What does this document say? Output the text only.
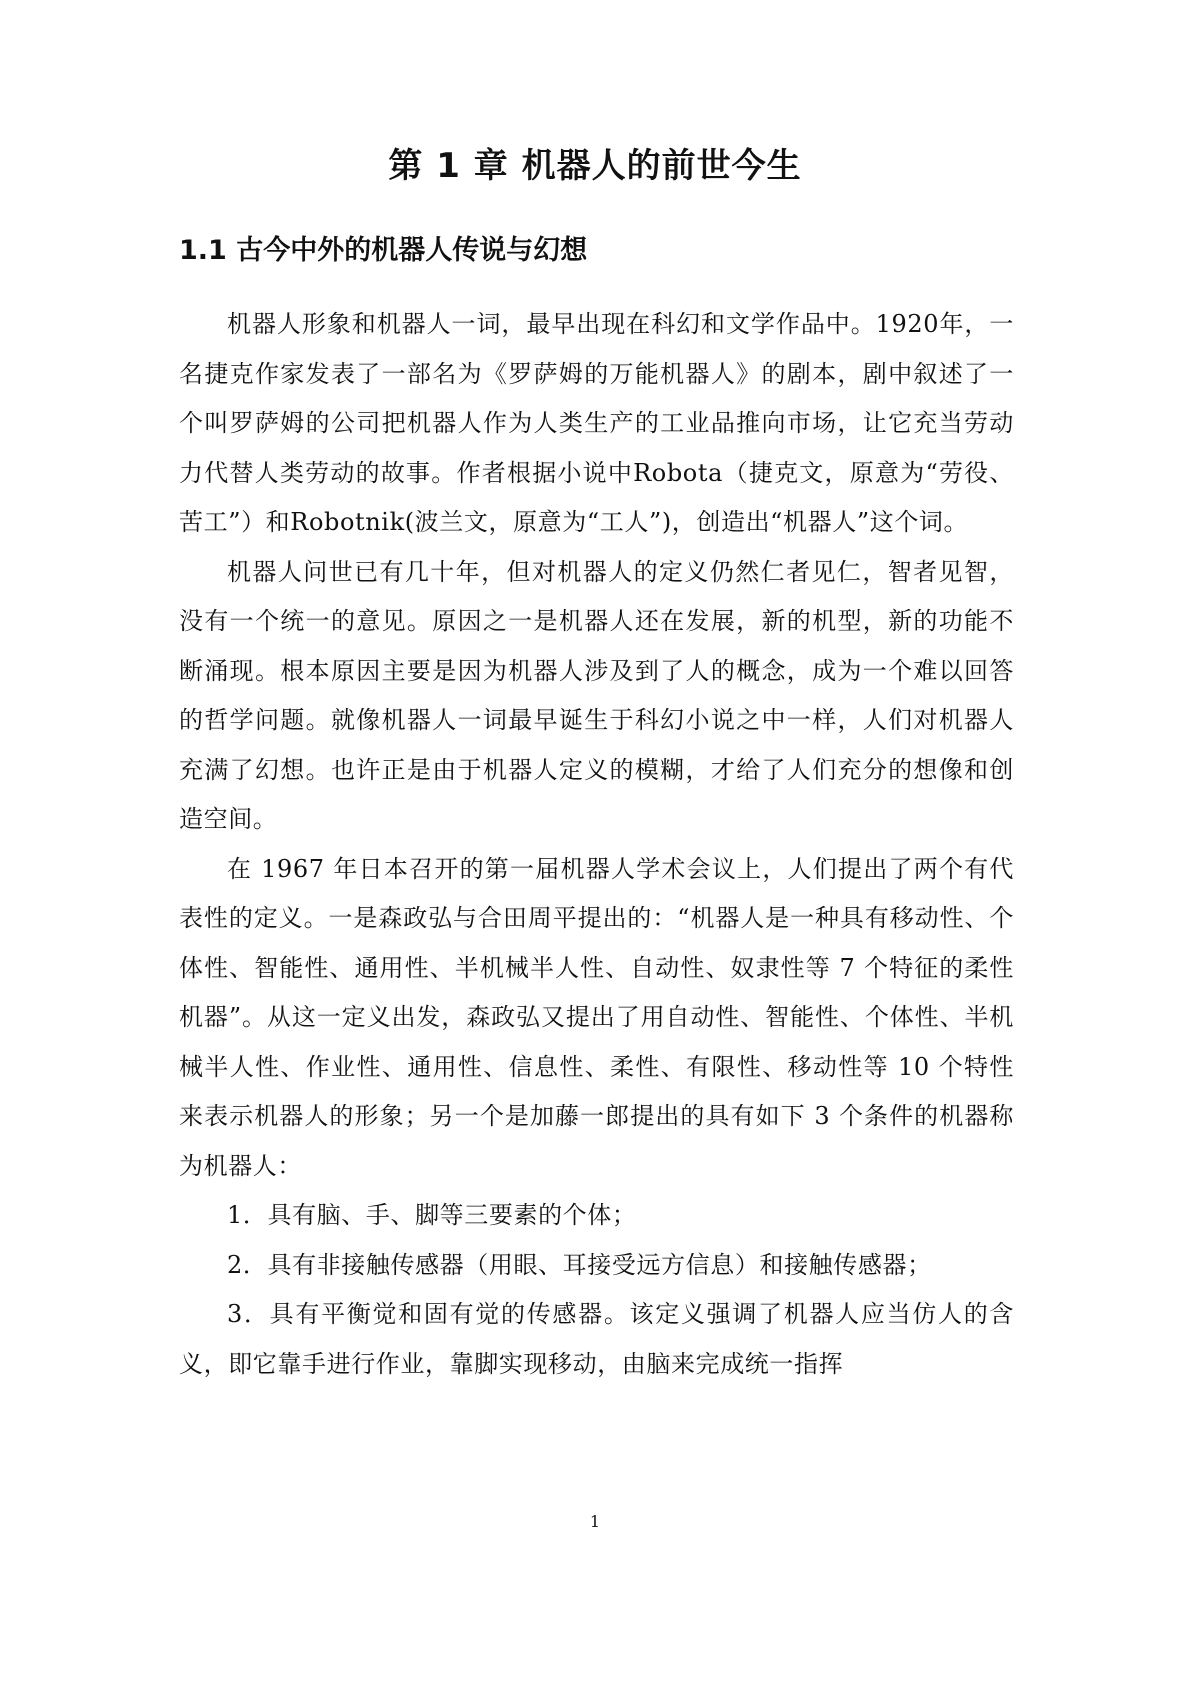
第 1 章 机器人的前世今生
1.1 古今中外的机器人传说与幻想

机器人形象和机器人一词，最早出现在科幻和文学作品中。1920年，一名捷克作家发表了一部名为《罗萨姆的万能机器人》的剧本，剧中叙述了一个叫罗萨姆的公司把机器人作为人类生产的工业品推向市场，让它充当劳动力代替人类劳动的故事。作者根据小说中Robota（捷克文，原意为“劳役、苦工”）和Robotnik(波兰文，原意为“工人”)，创造出“机器人”这个词。

机器人问世已有几十年，但对机器人的定义仍然仁者见仁，智者见智，没有一个统一的意见。原因之一是机器人还在发展，新的机型，新的功能不断涌现。根本原因主要是因为机器人涉及到了人的概念，成为一个难以回答的哲学问题。就像机器人一词最早诞生于科幻小说之中一样，人们对机器人充满了幻想。也许正是由于机器人定义的模糊，才给了人们充分的想像和创造空间。

在 1967 年日本召开的第一届机器人学术会议上，人们提出了两个有代表性的定义。一是森政弘与合田周平提出的：“机器人是一种具有移动性、个体性、智能性、通用性、半机械半人性、自动性、奴隶性等 7 个特征的柔性机器”。从这一定义出发，森政弘又提出了用自动性、智能性、个体性、半机械半人性、作业性、通用性、信息性、柔性、有限性、移动性等 10 个特性来表示机器人的形象；另一个是加藤一郎提出的具有如下 3 个条件的机器称为机器人：

1．具有脑、手、脚等三要素的个体；

2．具有非接触传感器（用眼、耳接受远方信息）和接触传感器；

3．具有平衡觉和固有觉的传感器。该定义强调了机器人应当仿人的含义，即它靠手进行作业，靠脚实现移动，由脑来完成统一指挥

1
